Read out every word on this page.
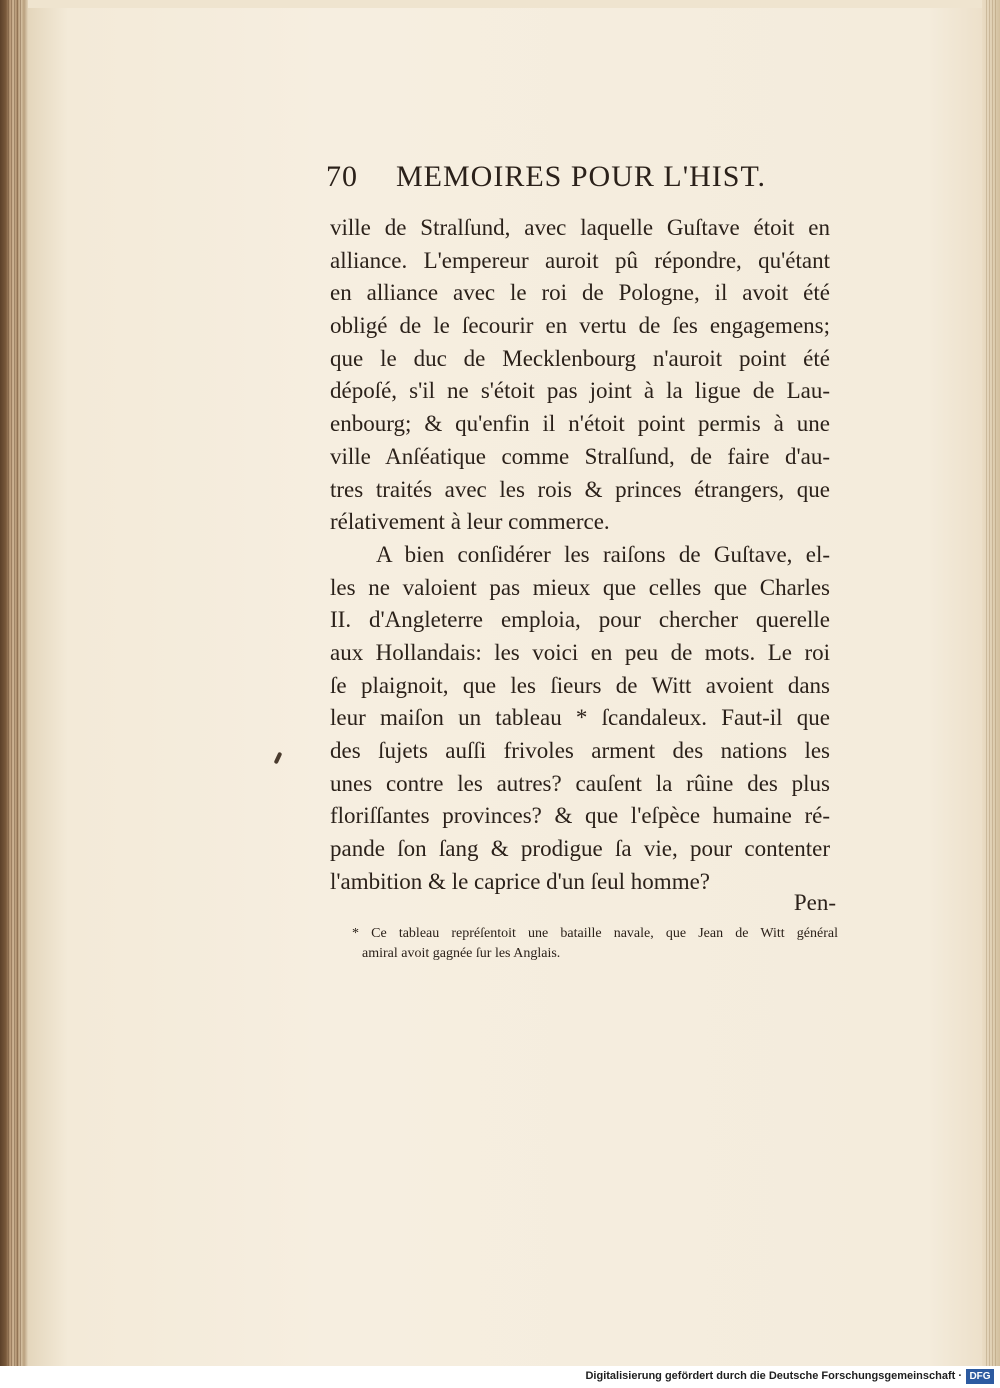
70 MEMOIRES POUR L'HIST.
ville de Stralſund, avec laquelle Guſtave étoit en
alliance. L'empereur auroit pû répondre, qu'étant
en alliance avec le roi de Pologne, il avoit été
obligé de le ſecourir en vertu de ſes engagemens;
que le duc de Mecklenbourg n'auroit point été
dépoſé, s'il ne s'étoit pas joint à la ligue de Lau-
enbourg; & qu'enfin il n'étoit point permis à une
ville Anſéatique comme Stralſund, de faire d'au-
tres traités avec les rois & princes étrangers, que
rélativement à leur commerce.
A bien conſidérer les raiſons de Guſtave, el-
les ne valoient pas mieux que celles que Charles
II. d'Angleterre emploia, pour chercher querelle
aux Hollandais: les voici en peu de mots. Le roi
ſe plaignoit, que les ſieurs de Witt avoient dans
leur maiſon un tableau * ſcandaleux. Faut-il que
des ſujets auſſi frivoles arment des nations les
unes contre les autres? cauſent la rûine des plus
floriſſantes provinces? & que l'eſpèce humaine ré-
pande ſon ſang & prodigue ſa vie, pour contenter
l'ambition & le caprice d'un ſeul homme?
Pen-
* Ce tableau repréſentoit une bataille navale, que Jean de Witt général
amiral avoit gagnée ſur les Anglais.
Digitalisierung gefördert durch die Deutsche Forschungsgemeinschaft · DFG
